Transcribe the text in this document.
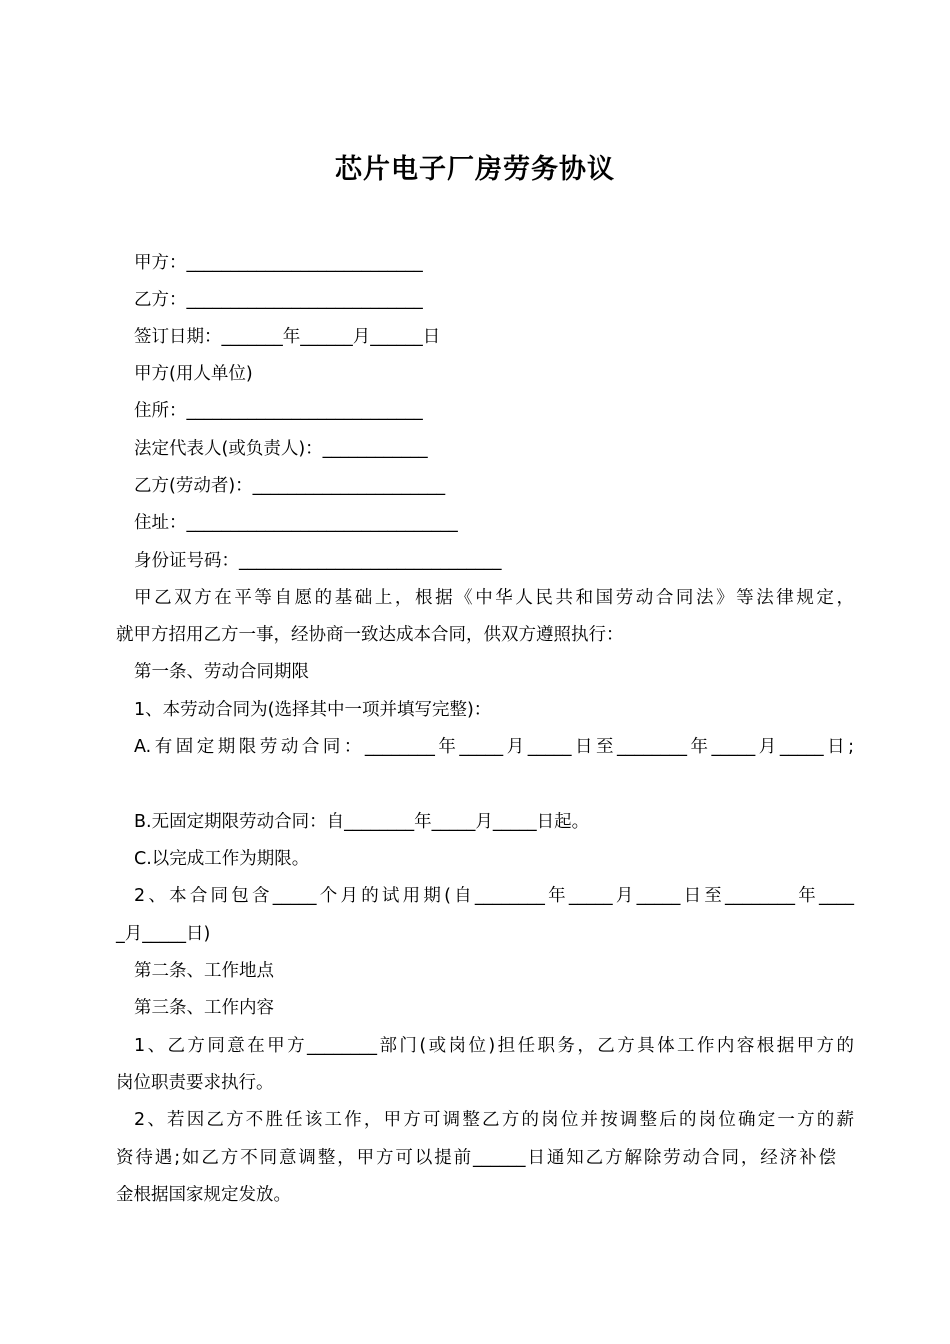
芯片电子厂房劳务协议

甲方：___________________________

乙方：___________________________

签订日期：_______年______月______日

甲方(用人单位)

住所：___________________________

法定代表人(或负责人)：____________

乙方(劳动者)：______________________

住址：_______________________________

身份证号码：______________________________

甲乙双方在平等自愿的基础上，根据《中华人民共和国劳动合同法》等法律规定，

就甲方招用乙方一事，经协商一致达成本合同，供双方遵照执行：

第一条、劳动合同期限

1、本劳动合同为(选择其中一项并填写完整)：

A.有固定期限劳动合同：________年_____月_____日至________年_____月_____日;

B.无固定期限劳动合同：自________年_____月_____日起。

C.以完成工作为期限。

2、本合同包含_____个月的试用期(自________年_____月_____日至________年____

_月_____日)

第二条、工作地点

第三条、工作内容

1、乙方同意在甲方________部门(或岗位)担任职务，乙方具体工作内容根据甲方的

岗位职责要求执行。

2、若因乙方不胜任该工作，甲方可调整乙方的岗位并按调整后的岗位确定一方的薪

资待遇;如乙方不同意调整，甲方可以提前______日通知乙方解除劳动合同，经济补偿

金根据国家规定发放。
